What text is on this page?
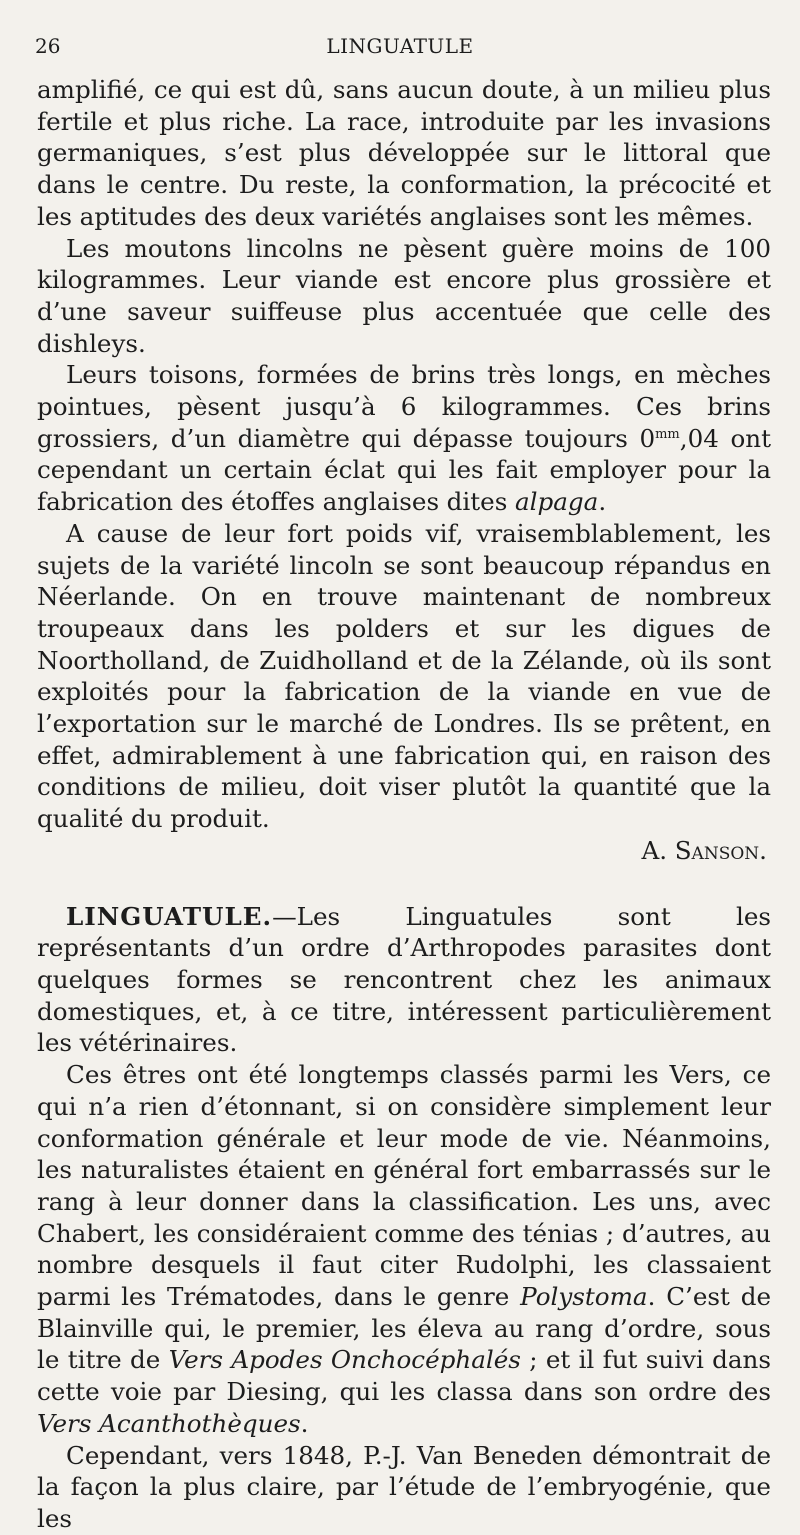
26	LINGUATULE

amplifié, ce qui est dû, sans aucun doute, à un milieu plus fertile et plus riche. La race, introduite par les invasions germaniques, s’est plus développée sur le littoral que dans le centre. Du reste, la conformation, la précocité et les aptitudes des deux variétés anglaises sont les mêmes.

Les moutons lincolns ne pèsent guère moins de 100 kilogrammes. Leur viande est encore plus grossière et d’une saveur suiffeuse plus accentuée que celle des dishleys.

Leurs toisons, formées de brins très longs, en mèches pointues, pèsent jusqu’à 6 kilogrammes. Ces brins grossiers, d’un diamètre qui dépasse toujours $0^{mm},04$ ont cependant un certain éclat qui les fait employer pour la fabrication des étoffes anglaises dites alpaga.

A cause de leur fort poids vif, vraisemblablement, les sujets de la variété lincoln se sont beaucoup répandus en Néerlande. On en trouve maintenant de nombreux troupeaux dans les polders et sur les digues de Noortholland, de Zuidholland et de la Zélande, où ils sont exploités pour la fabrication de la viande en vue de l’exportation sur le marché de Londres. Ils se prêtent, en effet, admirablement à une fabrication qui, en raison des conditions de milieu, doit viser plutôt la quantité que la qualité du produit.

A. Sanson.

LINGUATULE.—Les Linguatules sont les représentants d’un ordre d’Arthropodes parasites dont quelques formes se rencontrent chez les animaux domestiques, et, à ce titre, intéressent particulièrement les vétérinaires.

Ces êtres ont été longtemps classés parmi les Vers, ce qui n’a rien d’étonnant, si on considère simplement leur conformation générale et leur mode de vie. Néanmoins, les naturalistes étaient en général fort embarrassés sur le rang à leur donner dans la classification. Les uns, avec Chabert, les considéraient comme des ténias ; d’autres, au nombre desquels il faut citer Rudolphi, les classaient parmi les Trématodes, dans le genre Polystoma. C’est de Blainville qui, le premier, les éleva au rang d’ordre, sous le titre de Vers Apodes Onchocéphalés ; et il fut suivi dans cette voie par Diesing, qui les classa dans son ordre des Vers Acanthothèques.

Cependant, vers 1848, P.-J. Van Beneden démontrait de la façon la plus claire, par l’étude de l’embryogénie, que les
